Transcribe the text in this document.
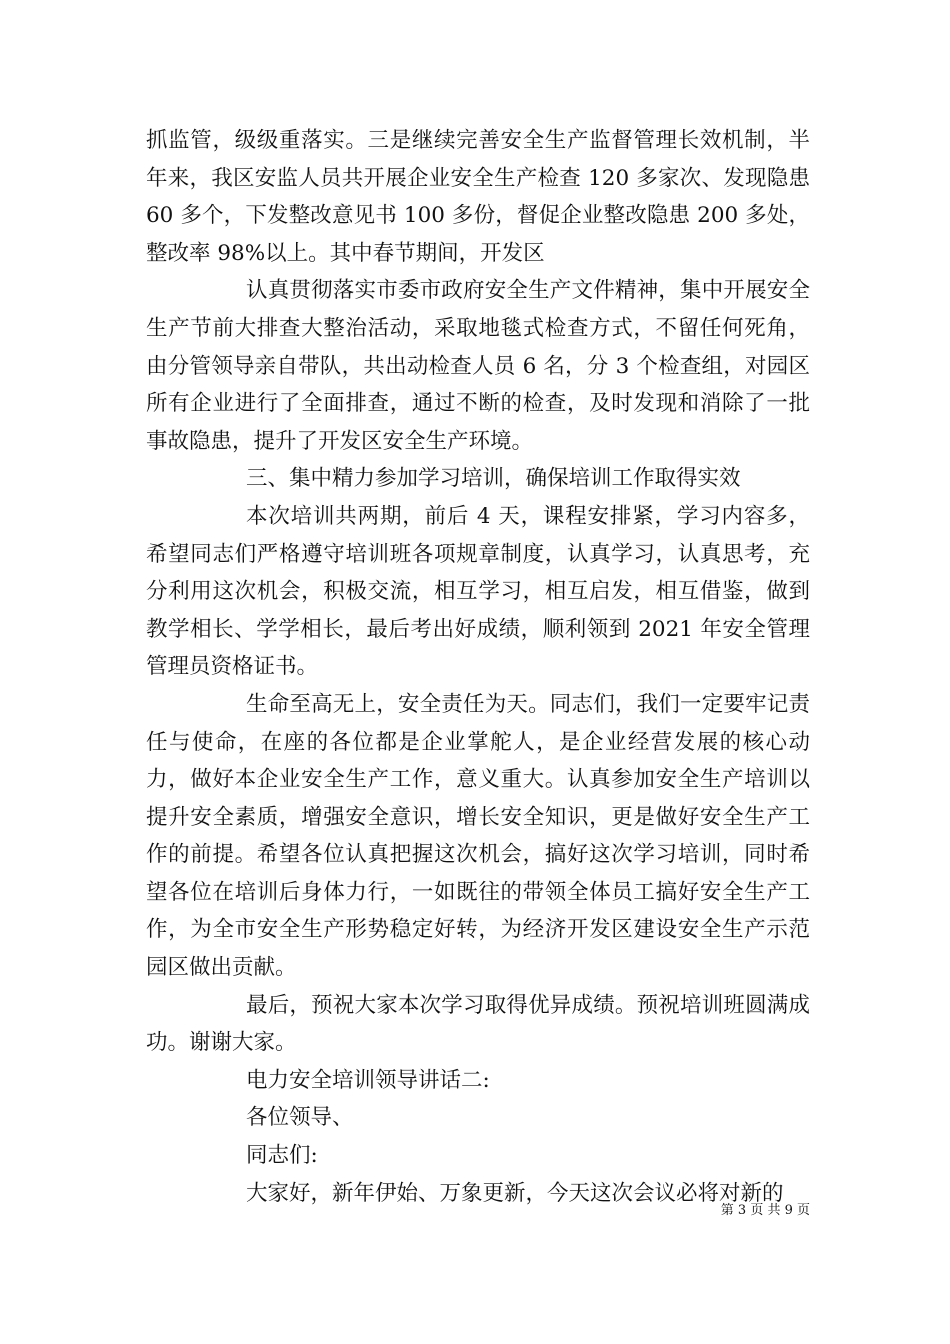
抓监管，级级重落实。三是继续完善安全生产监督管理长效机制，半年来，我区安监人员共开展企业安全生产检查 120 多家次、发现隐患 60 多个，下发整改意见书 100 多份，督促企业整改隐患 200 多处，整改率 98%以上。其中春节期间，开发区

认真贯彻落实市委市政府安全生产文件精神，集中开展安全生产节前大排查大整治活动，采取地毯式检查方式，不留任何死角，由分管领导亲自带队，共出动检查人员 6 名，分 3 个检查组，对园区所有企业进行了全面排查，通过不断的检查，及时发现和消除了一批事故隐患，提升了开发区安全生产环境。

三、集中精力参加学习培训，确保培训工作取得实效

本次培训共两期，前后 4 天，课程安排紧，学习内容多，希望同志们严格遵守培训班各项规章制度，认真学习，认真思考，充分利用这次机会，积极交流，相互学习，相互启发，相互借鉴，做到教学相长、学学相长，最后考出好成绩，顺利领到 2021 年安全管理管理员资格证书。

生命至高无上，安全责任为天。同志们，我们一定要牢记责任与使命，在座的各位都是企业掌舵人，是企业经营发展的核心动力，做好本企业安全生产工作，意义重大。认真参加安全生产培训以提升安全素质，增强安全意识，增长安全知识，更是做好安全生产工作的前提。希望各位认真把握这次机会，搞好这次学习培训，同时希望各位在培训后身体力行，一如既往的带领全体员工搞好安全生产工作，为全市安全生产形势稳定好转，为经济开发区建设安全生产示范园区做出贡献。

最后，预祝大家本次学习取得优异成绩。预祝培训班圆满成功。谢谢大家。

电力安全培训领导讲话二:

各位领导、

同志们:

大家好，新年伊始、万象更新，今天这次会议必将对新的

第 3 页 共 9 页
